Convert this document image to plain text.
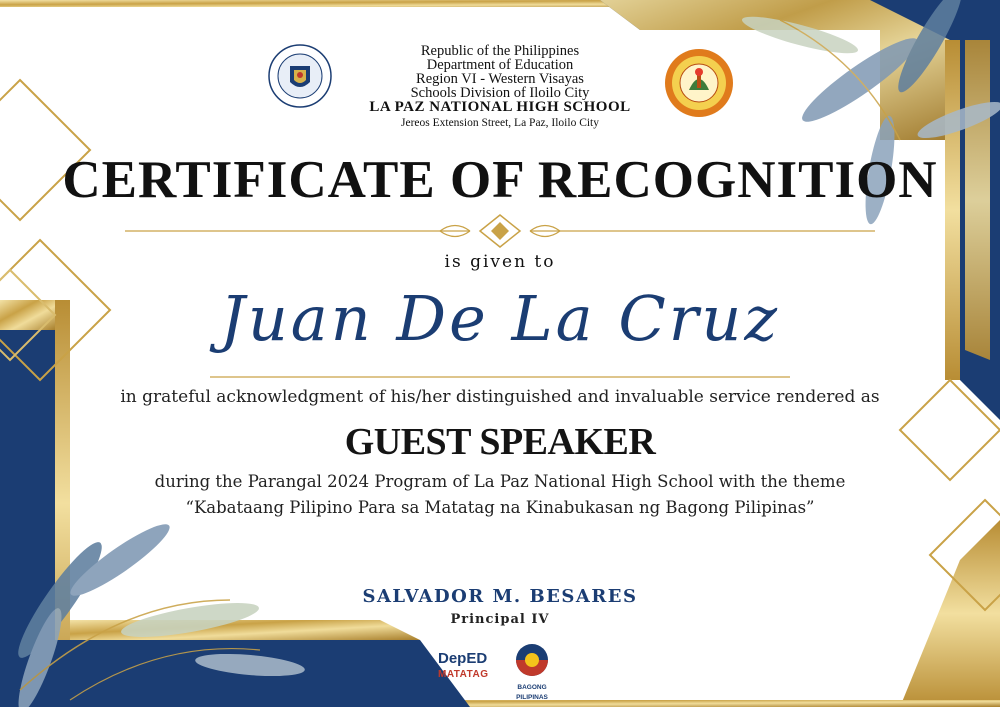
Republic of the Philippines
Department of Education
Region VI - Western Visayas
Schools Division of Iloilo City
LA PAZ NATIONAL HIGH SCHOOL
Jereos Extension Street, La Paz, Iloilo City
CERTIFICATE OF RECOGNITION
is given to
Juan De La Cruz
in grateful acknowledgment of his/her distinguished and invaluable service rendered as
GUEST SPEAKER
during the Parangal 2024 Program of La Paz National High School with the theme
“Kabataang Pilipino Para sa Matatag na Kinabukasan ng Bagong Pilipinas”
SALVADOR M. BESARES
Principal IV
DepED
MATATAG
BAGONG PILIPINAS
